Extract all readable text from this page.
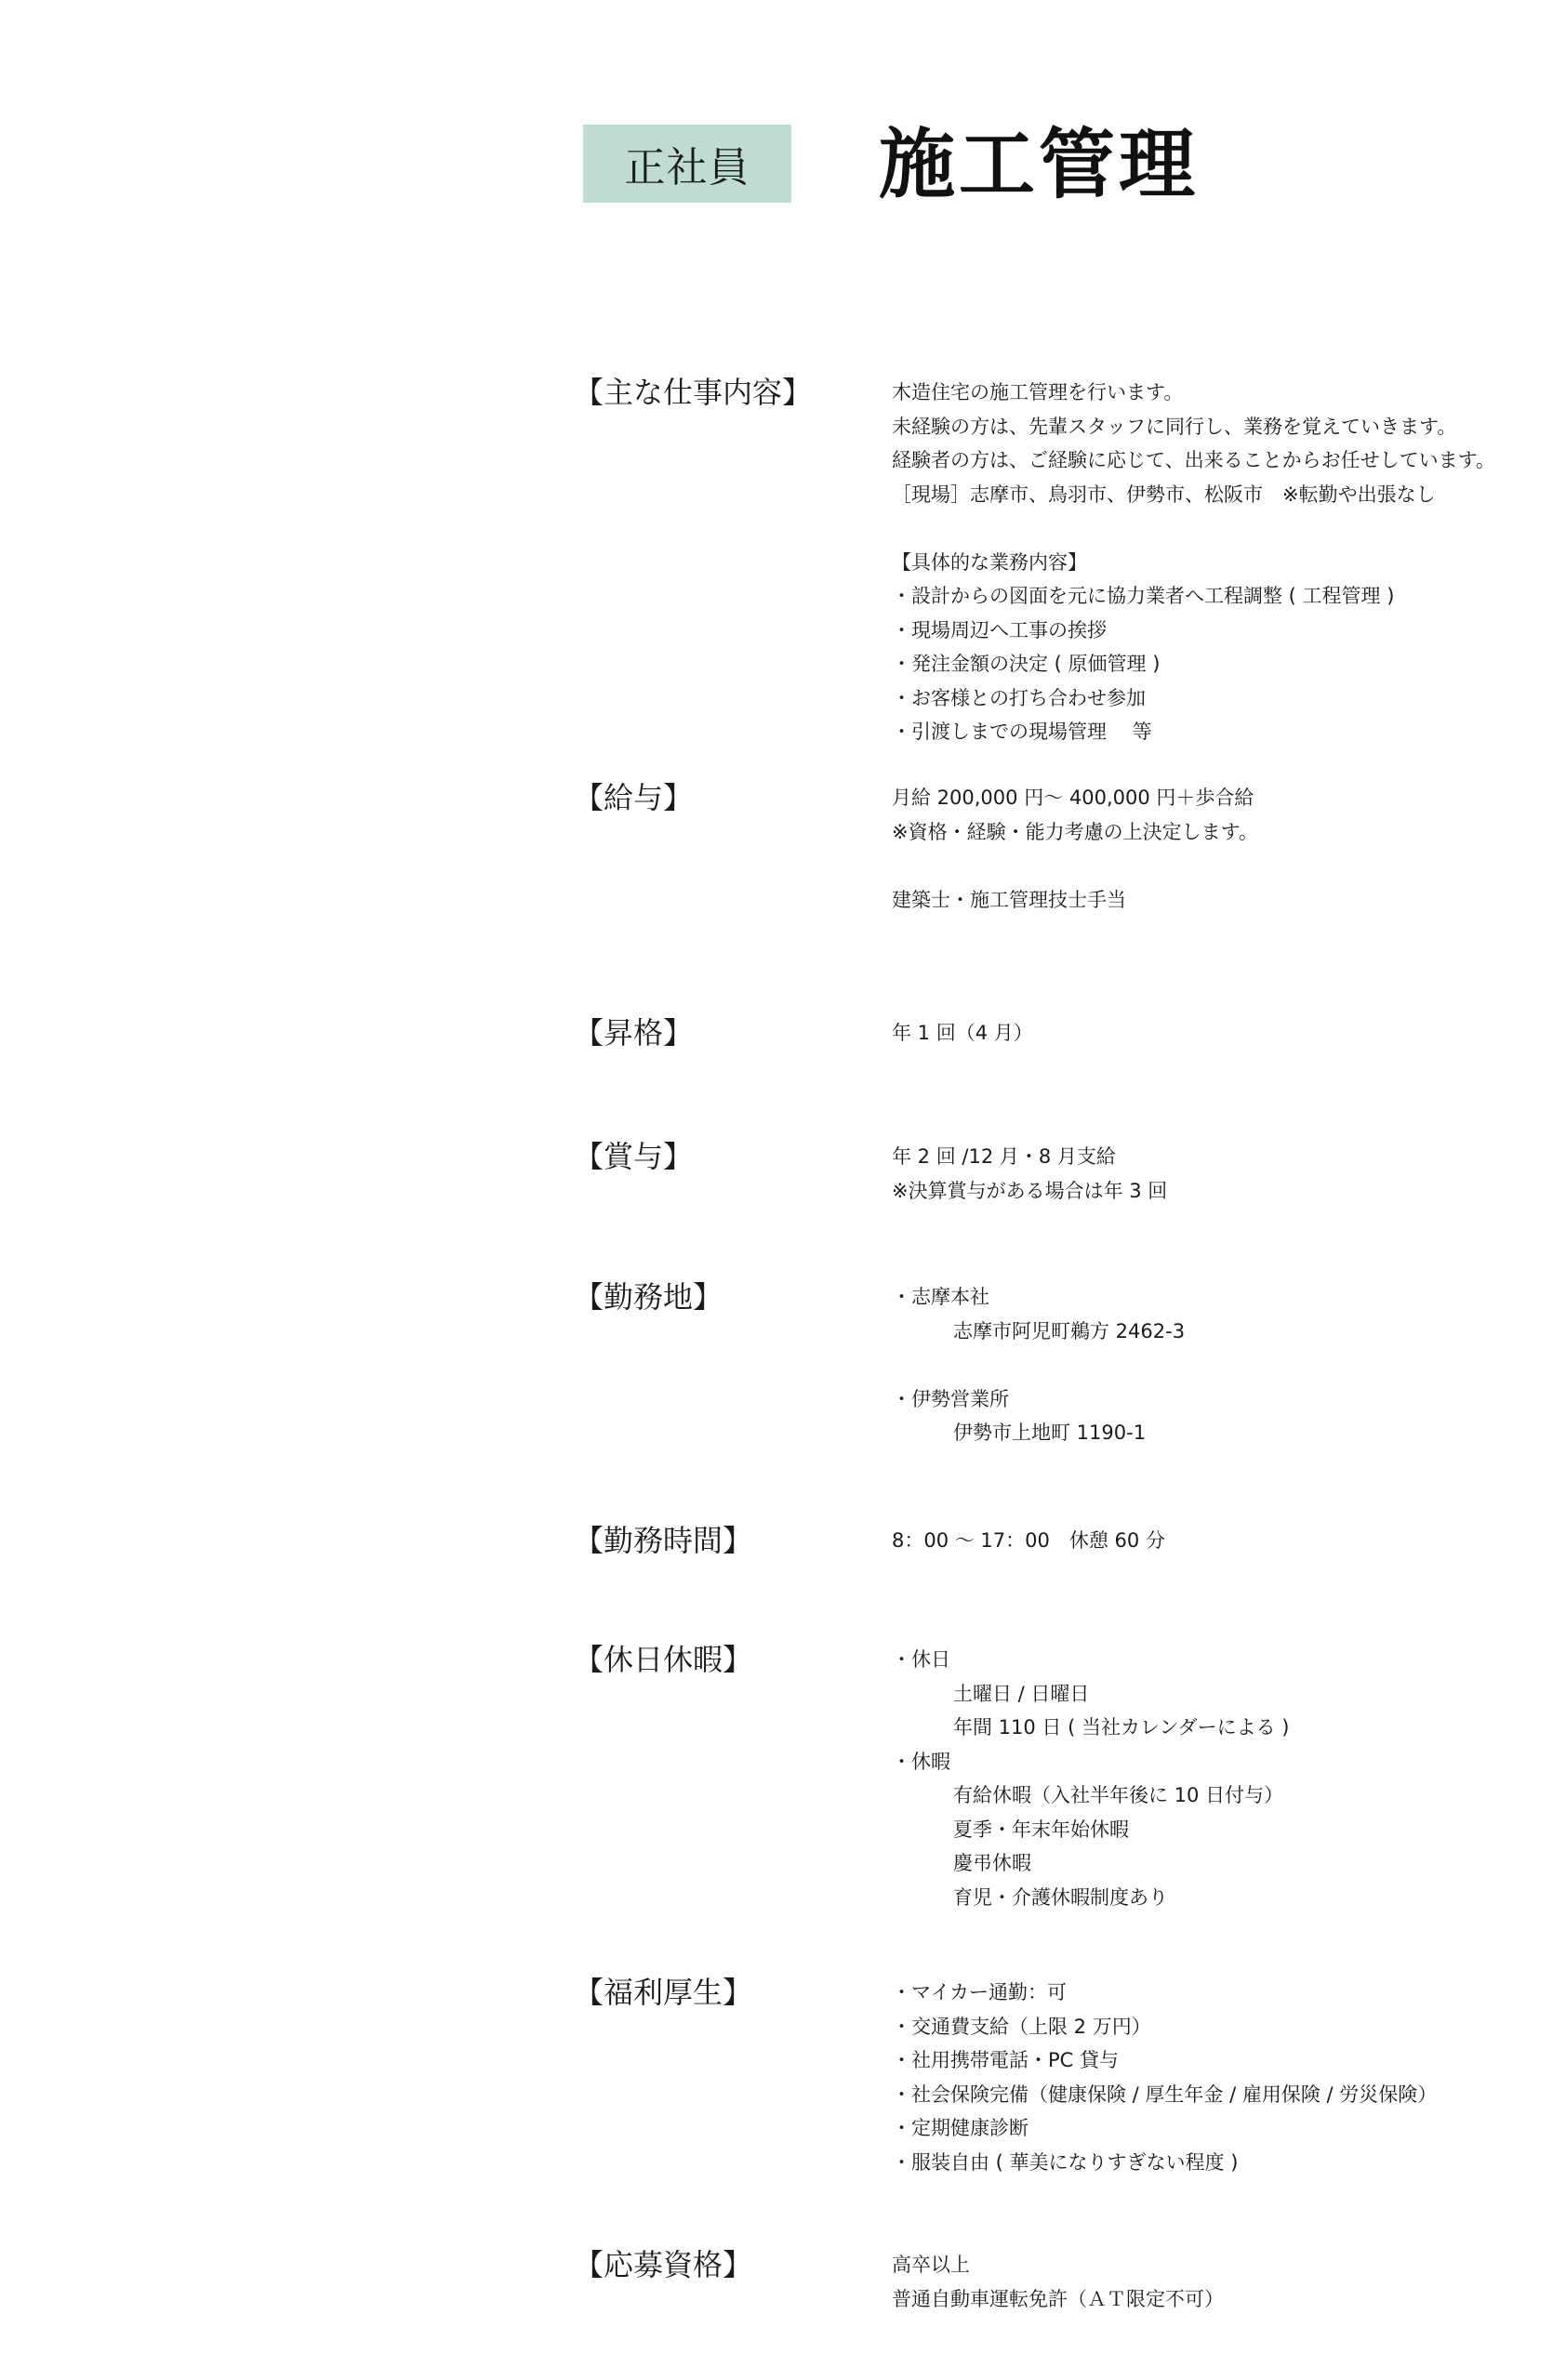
正社員	施工管理
【主な仕事内容】	木造住宅の施工管理を行います。
未経験の方は、先輩スタッフに同行し、業務を覚えていきます。
経験者の方は、ご経験に応じて、出来ることからお任せしています。
［現場］志摩市、鳥羽市、伊勢市、松阪市　※転勤や出張なし
【具体的な業務内容】
・設計からの図面を元に協力業者へ工程調整 ( 工程管理 )
・現場周辺へ工事の挨拶
・発注金額の決定 ( 原価管理 )
・お客様との打ち合わせ参加
・引渡しまでの現場管理　 等
【給与】	月給 200,000 円～ 400,000 円＋歩合給
※資格・経験・能力考慮の上決定します。
建築士・施工管理技士手当
【昇格】	年 1 回（4 月）
【賞与】	年 2 回 /12 月・8 月支給
※決算賞与がある場合は年 3 回
【勤務地】	・志摩本社
志摩市阿児町鵜方 2462-3
・伊勢営業所
伊勢市上地町 1190-1
【勤務時間】	8：00 ～ 17：00　休憩 60 分
【休日休暇】	・休日
土曜日 / 日曜日
年間 110 日 ( 当社カレンダーによる )
・休暇
有給休暇（入社半年後に 10 日付与）
夏季・年末年始休暇
慶弔休暇
育児・介護休暇制度あり
【福利厚生】	・マイカー通勤：可
・交通費支給（上限 2 万円）
・社用携帯電話・PC 貸与
・社会保険完備（健康保険 / 厚生年金 / 雇用保険 / 労災保険）
・定期健康診断
・服装自由 ( 華美になりすぎない程度 )
【応募資格】	高卒以上
普通自動車運転免許（ＡＴ限定不可）
